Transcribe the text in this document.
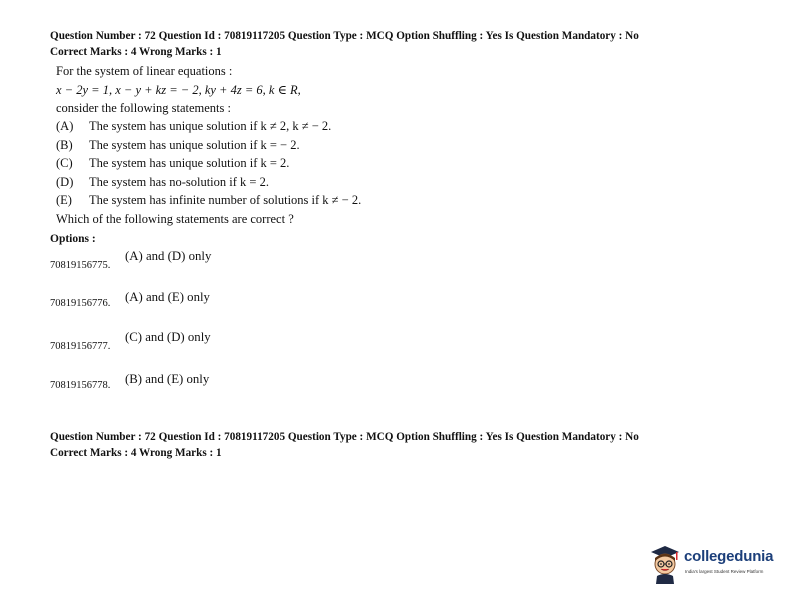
Question Number : 72 Question Id : 70819117205 Question Type : MCQ Option Shuffling : Yes Is Question Mandatory : No
Correct Marks : 4 Wrong Marks : 1
For the system of linear equations :
x − 2y = 1, x − y + kz = − 2, ky + 4z = 6, k ∈ R,
consider the following statements :
(A) The system has unique solution if k ≠ 2, k ≠ − 2.
(B) The system has unique solution if k = − 2.
(C) The system has unique solution if k = 2.
(D) The system has no-solution if k = 2.
(E) The system has infinite number of solutions if k ≠ − 2.
Which of the following statements are correct ?
Options :
70819156775.
(A) and (D) only
70819156776. (A) and (E) only
70819156777.
(C) and (D) only
70819156778. (B) and (E) only
Question Number : 72 Question Id : 70819117205 Question Type : MCQ Option Shuffling : Yes Is Question Mandatory : No
Correct Marks : 4 Wrong Marks : 1
collegedunia
India's largest Student Review Platform
